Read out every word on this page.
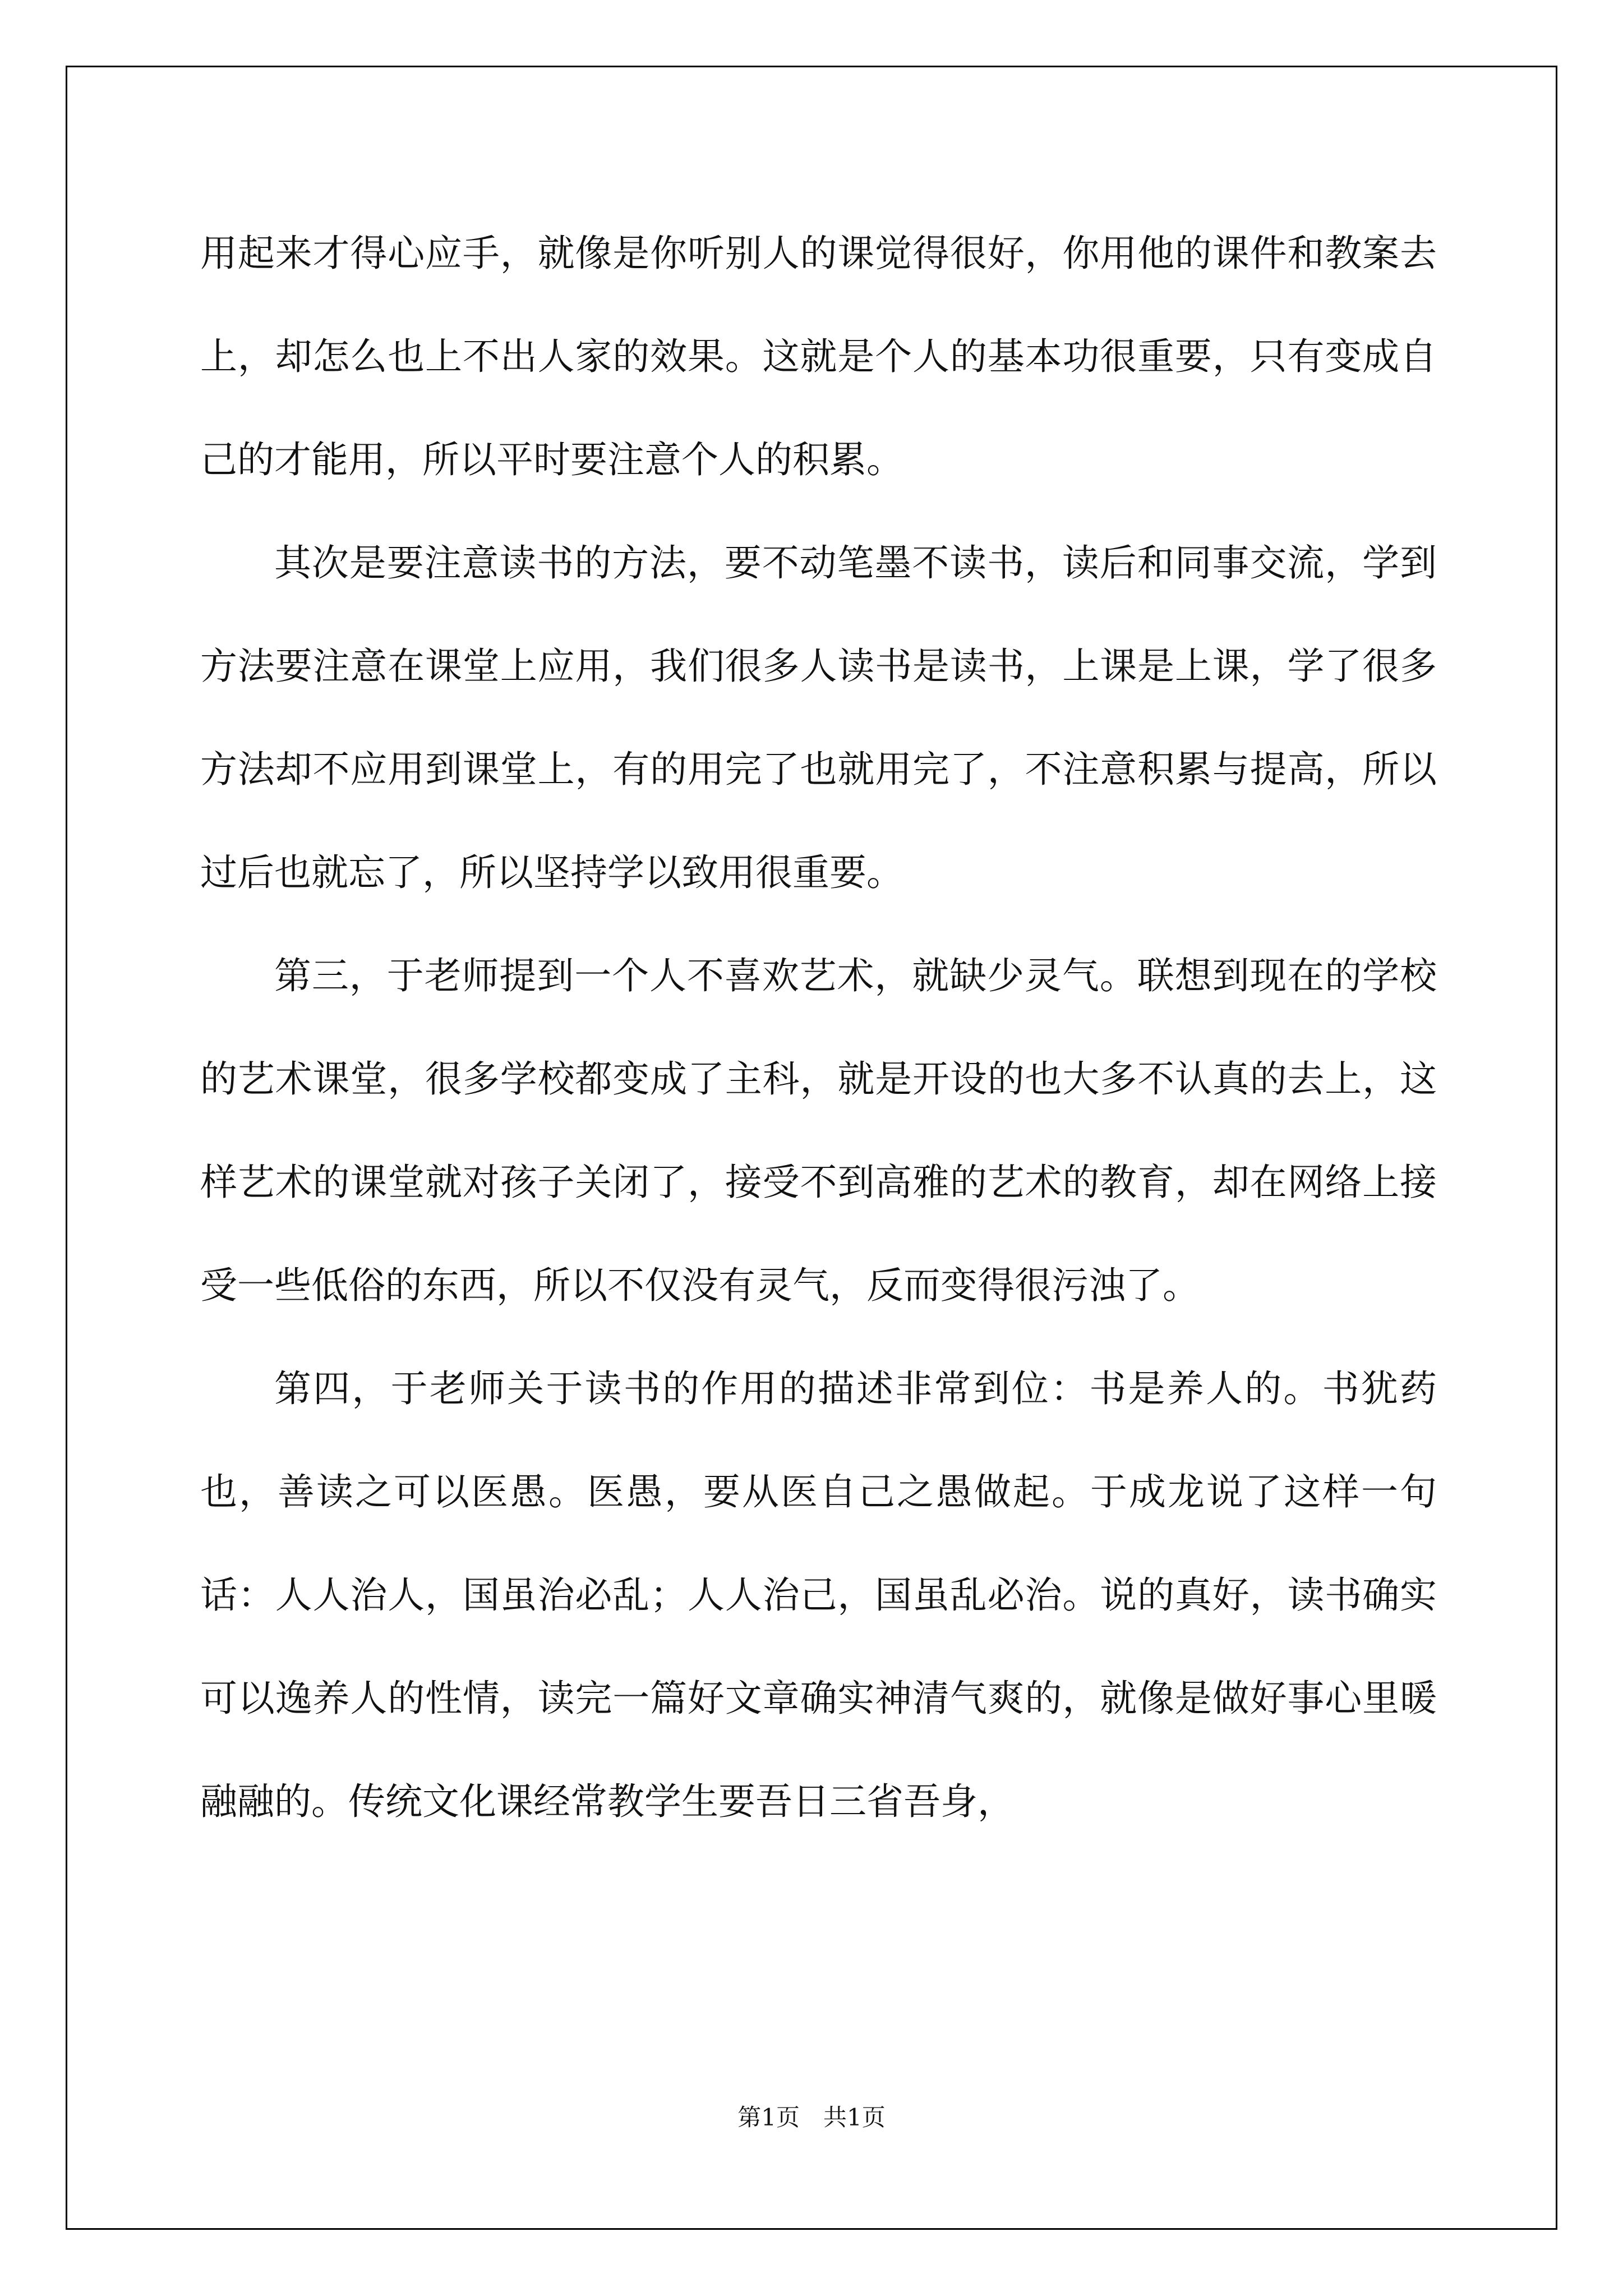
用起来才得心应手，就像是你听别人的课觉得很好，你用他的课件和教案去上，却怎么也上不出人家的效果。这就是个人的基本功很重要，只有变成自己的才能用，所以平时要注意个人的积累。

其次是要注意读书的方法，要不动笔墨不读书，读后和同事交流，学到方法要注意在课堂上应用，我们很多人读书是读书，上课是上课，学了很多方法却不应用到课堂上，有的用完了也就用完了，不注意积累与提高，所以过后也就忘了，所以坚持学以致用很重要。

第三，于老师提到一个人不喜欢艺术，就缺少灵气。联想到现在的学校的艺术课堂，很多学校都变成了主科，就是开设的也大多不认真的去上，这样艺术的课堂就对孩子关闭了，接受不到高雅的艺术的教育，却在网络上接受一些低俗的东西，所以不仅没有灵气，反而变得很污浊了。

第四，于老师关于读书的作用的描述非常到位：书是养人的。书犹药也，善读之可以医愚。医愚，要从医自己之愚做起。于成龙说了这样一句话：人人治人，国虽治必乱；人人治己，国虽乱必治。说的真好，读书确实可以逸养人的性情，读完一篇好文章确实神清气爽的，就像是做好事心里暖融融的。传统文化课经常教学生要吾日三省吾身，

第1页　共1页
